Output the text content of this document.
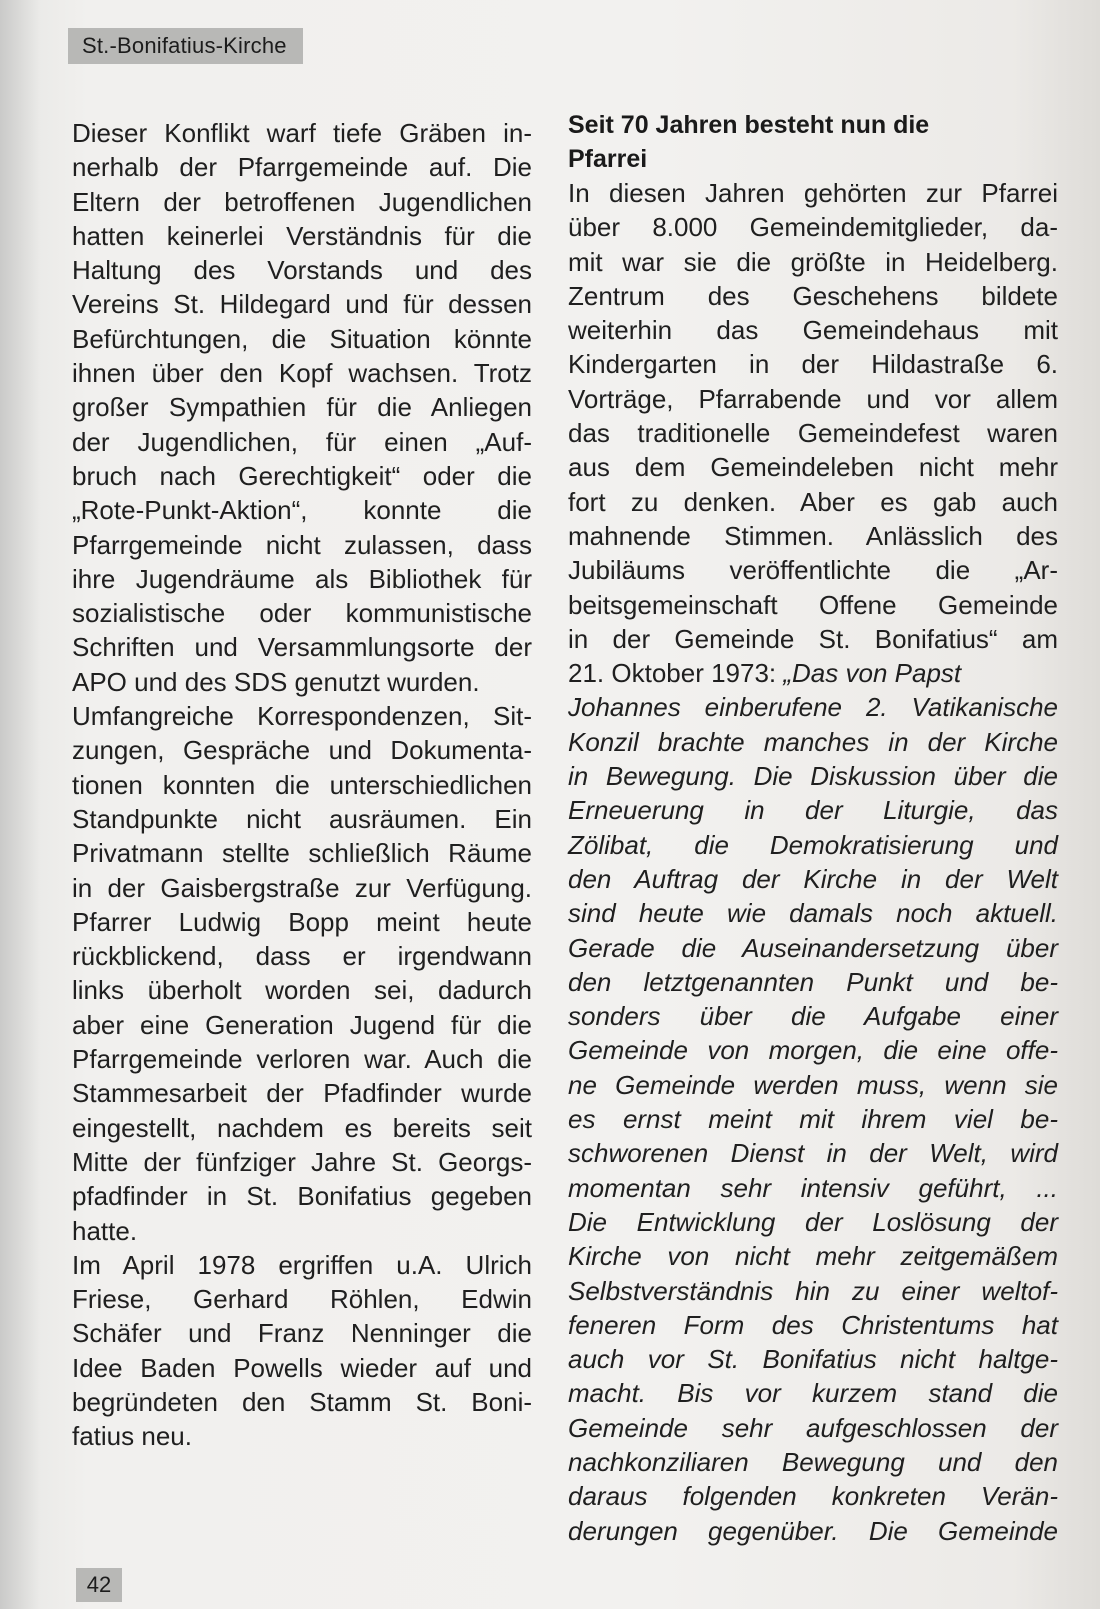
St.-Bonifatius-Kirche
Dieser Konflikt warf tiefe Gräben in-
nerhalb der Pfarrgemeinde auf. Die
Eltern der betroffenen Jugendlichen
hatten keinerlei Verständnis für die
Haltung des Vorstands und des
Vereins St. Hildegard und für dessen
Befürchtungen, die Situation könnte
ihnen über den Kopf wachsen. Trotz
großer Sympathien für die Anliegen
der Jugendlichen, für einen „Auf-
bruch nach Gerechtigkeit“ oder die
„Rote-Punkt-Aktion“, konnte die
Pfarrgemeinde nicht zulassen, dass
ihre Jugendräume als Bibliothek für
sozialistische oder kommunistische
Schriften und Versammlungsorte der
APO und des SDS genutzt wurden.
Umfangreiche Korrespondenzen, Sit-
zungen, Gespräche und Dokumenta-
tionen konnten die unterschiedlichen
Standpunkte nicht ausräumen. Ein
Privatmann stellte schließlich Räume
in der Gaisbergstraße zur Verfügung.
Pfarrer Ludwig Bopp meint heute
rückblickend, dass er irgendwann
links überholt worden sei, dadurch
aber eine Generation Jugend für die
Pfarrgemeinde verloren war. Auch die
Stammesarbeit der Pfadfinder wurde
eingestellt, nachdem es bereits seit
Mitte der fünfziger Jahre St. Georgs-
pfadfinder in St. Bonifatius gegeben
hatte.
Im April 1978 ergriffen u.A. Ulrich
Friese, Gerhard Röhlen, Edwin
Schäfer und Franz Nenninger die
Idee Baden Powells wieder auf und
begründeten den Stamm St. Boni-
fatius neu.
Seit 70 Jahren besteht nun die
Pfarrei
In diesen Jahren gehörten zur Pfarrei
über 8.000 Gemeindemitglieder, da-
mit war sie die größte in Heidelberg.
Zentrum des Geschehens bildete
weiterhin das Gemeindehaus mit
Kindergarten in der Hildastraße 6.
Vorträge, Pfarrabende und vor allem
das traditionelle Gemeindefest waren
aus dem Gemeindeleben nicht mehr
fort zu denken. Aber es gab auch
mahnende Stimmen. Anlässlich des
Jubiläums veröffentlichte die „Ar-
beitsgemeinschaft Offene Gemeinde
in der Gemeinde St. Bonifatius“ am
21. Oktober 1973: „Das von Papst
Johannes einberufene 2. Vatikanische
Konzil brachte manches in der Kirche
in Bewegung. Die Diskussion über die
Erneuerung in der Liturgie, das
Zölibat, die Demokratisierung und
den Auftrag der Kirche in der Welt
sind heute wie damals noch aktuell.
Gerade die Auseinandersetzung über
den letztgenannten Punkt und be-
sonders über die Aufgabe einer
Gemeinde von morgen, die eine offe-
ne Gemeinde werden muss, wenn sie
es ernst meint mit ihrem viel be-
schworenen Dienst in der Welt, wird
momentan sehr intensiv geführt, ...
Die Entwicklung der Loslösung der
Kirche von nicht mehr zeitgemäßem
Selbstverständnis hin zu einer weltof-
feneren Form des Christentums hat
auch vor St. Bonifatius nicht haltge-
macht. Bis vor kurzem stand die
Gemeinde sehr aufgeschlossen der
nachkonziliaren Bewegung und den
daraus folgenden konkreten Verän-
derungen gegenüber. Die Gemeinde
42
